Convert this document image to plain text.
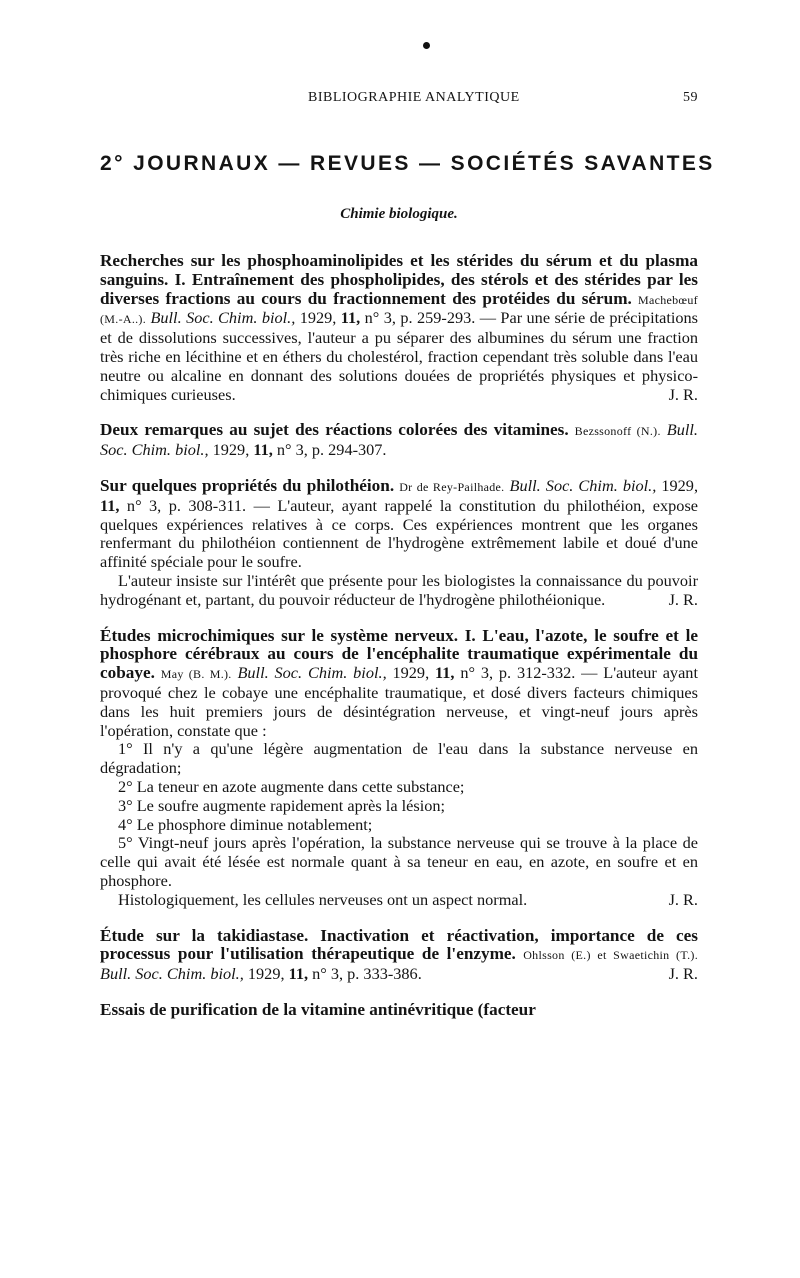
BIBLIOGRAPHIE ANALYTIQUE	59
2° JOURNAUX — REVUES — SOCIÉTÉS SAVANTES
Chimie biologique.

Recherches sur les phosphoaminolipides et les stérides du sérum et du plasma sanguins. I. Entraînement des phospholipides, des stérols et des stérides par les diverses fractions au cours du fractionnement des protéides du sérum. Machebœuf (M.-A..). Bull. Soc. Chim. biol., 1929, 11, n° 3, p. 259-293. — Par une série de précipitations et de dissolutions successives, l'auteur a pu séparer des albumines du sérum une fraction très riche en lécithine et en éthers du cholestérol, fraction cependant très soluble dans l'eau neutre ou alcaline en donnant des solutions douées de propriétés physiques et physico-chimiques curieuses.	J. R.

Deux remarques au sujet des réactions colorées des vitamines. Bezssonoff (N.). Bull. Soc. Chim. biol., 1929, 11, n° 3, p. 294-307.

Sur quelques propriétés du philothéion. Dr de Rey-Pailhade. Bull. Soc. Chim. biol., 1929, 11, n° 3, p. 308-311. — L'auteur, ayant rappelé la constitution du philothéion, expose quelques expériences relatives à ce corps. Ces expériences montrent que les organes renfermant du philothéion contiennent de l'hydrogène extrêmement labile et doué d'une affinité spéciale pour le soufre.

L'auteur insiste sur l'intérêt que présente pour les biologistes la connaissance du pouvoir hydrogénant et, partant, du pouvoir réducteur de l'hydrogène philothéionique.	J. R.

Études microchimiques sur le système nerveux. I. L'eau, l'azote, le soufre et le phosphore cérébraux au cours de l'encéphalite traumatique expérimentale du cobaye. May (B. M.). Bull. Soc. Chim. biol., 1929, 11, n° 3, p. 312-332. — L'auteur ayant provoqué chez le cobaye une encéphalite traumatique, et dosé divers facteurs chimiques dans les huit premiers jours de désintégration nerveuse, et vingt-neuf jours après l'opération, constate que :

1° Il n'y a qu'une légère augmentation de l'eau dans la substance nerveuse en dégradation;

2° La teneur en azote augmente dans cette substance;

3° Le soufre augmente rapidement après la lésion;

4° Le phosphore diminue notablement;

5° Vingt-neuf jours après l'opération, la substance nerveuse qui se trouve à la place de celle qui avait été lésée est normale quant à sa teneur en eau, en azote, en soufre et en phosphore.

Histologiquement, les cellules nerveuses ont un aspect normal.	J. R.

Étude sur la takidiastase. Inactivation et réactivation, importance de ces processus pour l'utilisation thérapeutique de l'enzyme. Ohlsson (E.) et Swaetichin (T.). Bull. Soc. Chim. biol., 1929, 11, n° 3, p. 333-386.	J. R.

Essais de purification de la vitamine antinévritique (facteur
